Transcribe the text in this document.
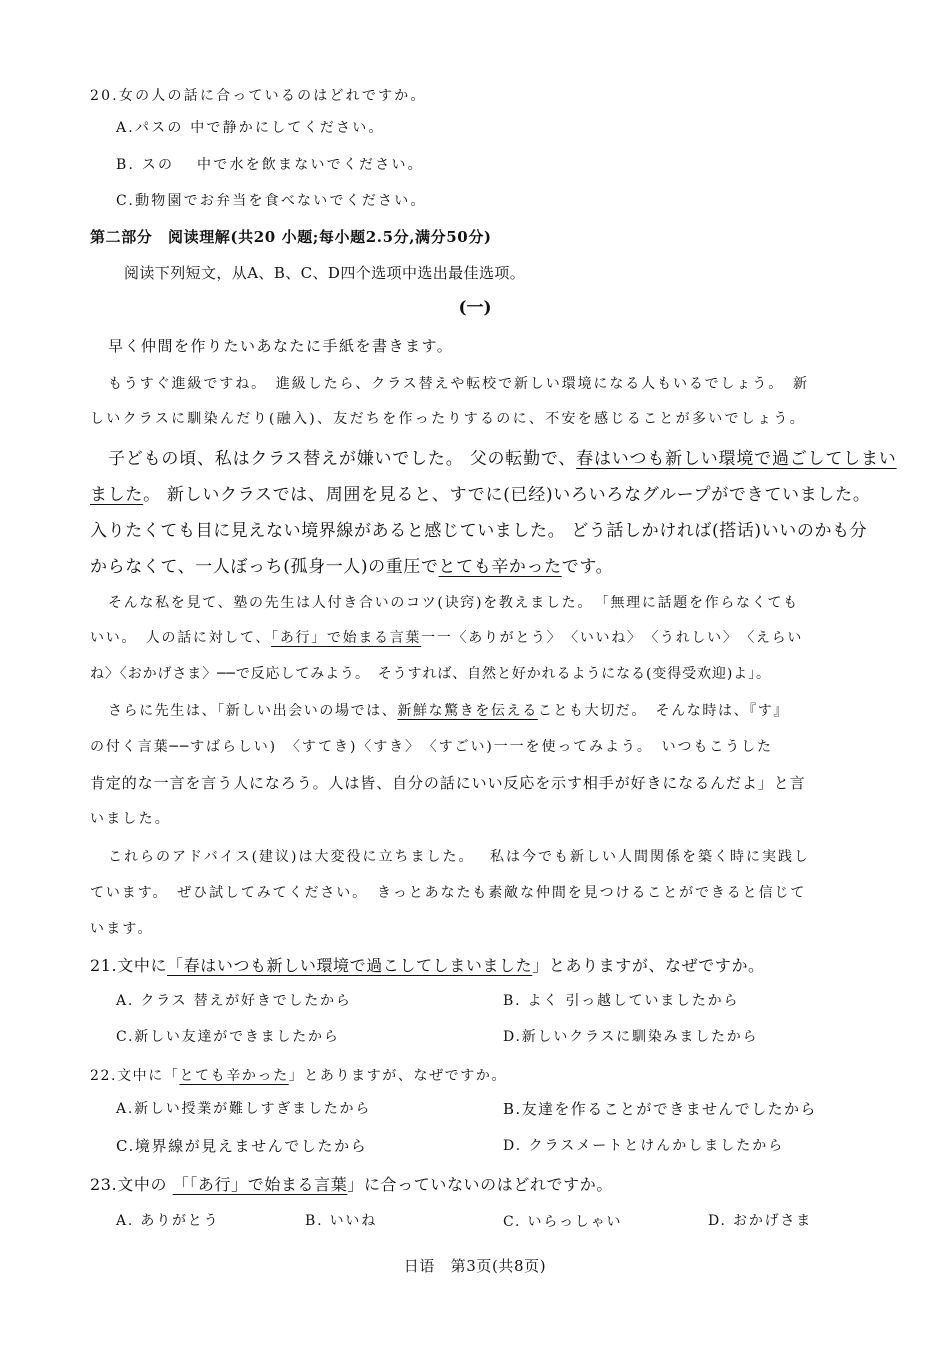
20.女の人の話に合っているのはどれですか。
A.パスの 中で静かにしてください。
B. スの　 中で水を飲まないでください。
C.動物園でお弁当を食べないでください。
第二部分　阅读理解(共20 小题;每小题2.5分,满分50分)
阅读下列短文，从A、B、C、D四个选项中选出最佳选项。
(一)
早く仲間を作りたいあなたに手紙を書きます。
もうすぐ進級ですね。　進級したら、クラス替えや転校で新しい環境になる人もいるでしょう。　新
しいクラスに馴染んだり(融入)、友だちを作ったりするのに、不安を感じることが多いでしょう。
子どもの頃、私はクラス替えが嫌いでした。 父の転勤で、春はいつも新しい環境で過ごしてしまい
ました。 新しいクラスでは、周囲を見ると、すでに(已经)いろいろなグループができていました。
入りたくても目に見えない境界線があると感じていました。 どう話しかければ(搭话)いいのかも分
からなくて、一人ぼっち(孤身一人)の重圧でとても辛かったです。
そんな私を見て、塾の先生は人付き合いのコツ(诀窍)を教えました。　「無理に話題を作らなくても
いい。　人の話に対して、「あ行」で始まる言葉一一〈ありがとう〉　〈いいね〉　〈うれしい〉　〈えらい
ね〉〈おかげさま〉──で反応してみよう。　そうすれば、自然と好かれるようになる(变得受欢迎)よ」。
さらに先生は、「新しい出会いの場では、新鮮な驚きを伝えることも大切だ。　そんな時は、『す』
の付く言葉──すばらしい)　〈すてき)〈すき〉　〈すごい)一一を使ってみよう。　いつもこうした
肯定的な一言を言う人になろう。人は皆、自分の話にいい反応を示す相手が好きになるんだよ」と言
いました。
これらのアドバイス(建议)は大変役に立ちました。　 私は今でも新しい人間関係を築く時に実践し
ています。　ぜひ試してみてください。　きっとあなたも素敵な仲間を見つけることができると信じて
います。
21.文中に「春はいつも新しい環境で過こしてしまいました」とありますが、なぜですか。
A. クラス 替えが好きでしたから	B. よく 引っ越していましたから
C.新しい友達ができましたから	D.新しいクラスに馴染みましたから
22.文中に「とても辛かった」とありますが、なぜですか。
A.新しい授業が難しすぎましたから	B.友達を作ることができませんでしたから
C.境界線が見えませんでしたから	D. クラスメートとけんかしましたから
23.文中の 「「あ行」で始まる言葉」に合っていないのはどれですか。
A. ありがとう	B. いいね	C. いらっしゃい	D. おかげさま
日语　第3页(共8页)
